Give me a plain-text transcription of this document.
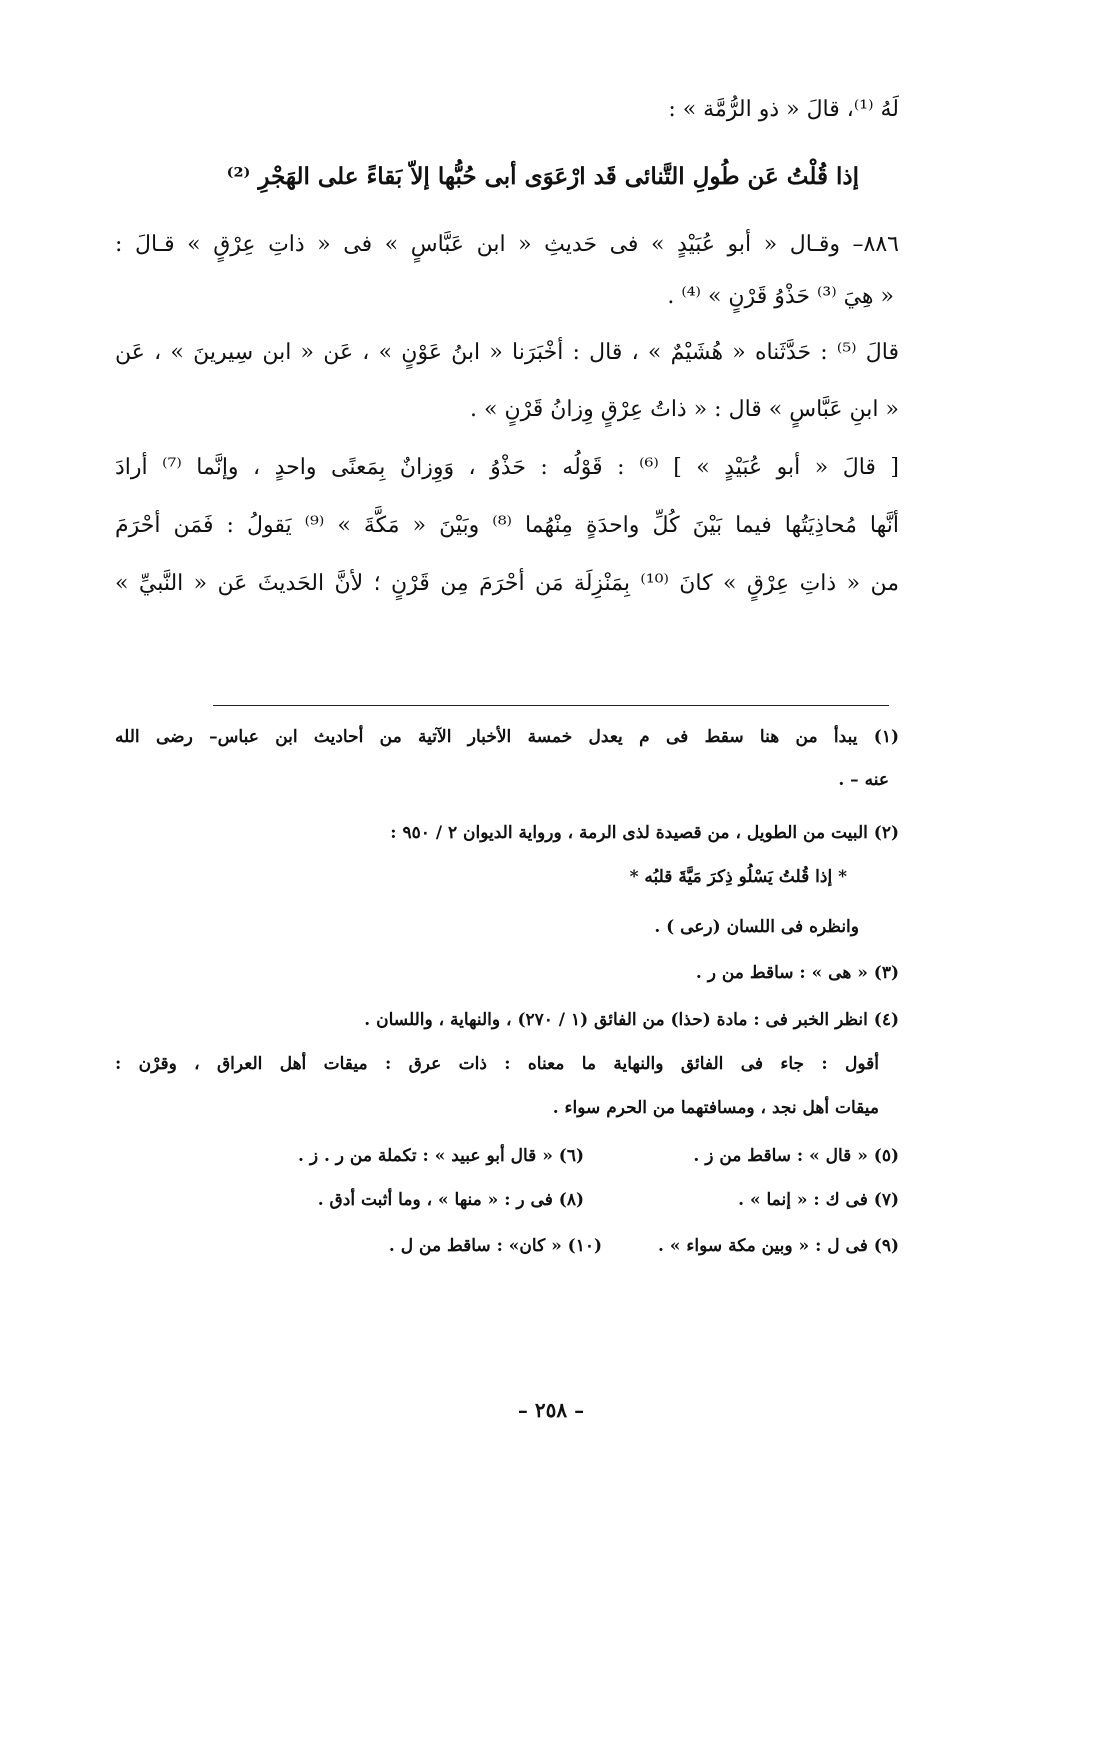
لَهُ ⁽¹⁾، قالَ « ذو الرُّمَّة » :
إذا قُلْتُ عَن طُولِ التَّنائى قَد ارْعَوَى أبى حُبُّها إلاّ بَقاءً على الهَجْرِ ⁽²⁾
٨٨٦– وقـال « أبو عُبَيْدٍ » فى حَديثِ « ابن عَبَّاسٍ » فى « ذاتِ عِرْقٍ » قـالَ :
« هِيَ ⁽³⁾ حَذْوُ قَرْنٍ » ⁽⁴⁾ .
قالَ ⁽⁵⁾ : حَدَّثَناه « هُشَيْمٌ » ، قال : أخْبَرَنا « ابنُ عَوْنٍ » ، عَن « ابن سِيرينَ » ، عَن
« ابنِ عَبَّاسٍ » قال : « ذاتُ عِرْقٍ وِزانُ قَرْنٍ » .
[ قالَ « أبو عُبَيْدٍ » ] ⁽⁶⁾ : قَوْلُه : حَذْوُ ، وَوِزانٌ بِمَعنًى واحدٍ ، وإنَّما ⁽⁷⁾ أرادَ
أنَّها مُحاذِيَتُها فيما بَيْنَ كُلِّ واحدَةٍ مِنْهُما ⁽⁸⁾ وبَيْنَ « مَكَّةَ » ⁽⁹⁾ يَقولُ : فَمَن أحْرَمَ
من « ذاتِ عِرْقٍ » كانَ ⁽¹⁰⁾ بِمَنْزِلَة مَن أحْرَمَ مِن قَرْنٍ ؛ لأنَّ الحَديثَ عَن « النَّبيِّ »
(١) يبدأ من هنا سقط فى م يعدل خمسة الأخبار الآتية من أحاديث ابن عباس– رضى الله
عنه – .
(٢) البيت من الطويل ، من قصيدة لذى الرمة ، ورواية الديوان ٢ / ٩٥٠ :
* إذا قُلتُ يَسْلُو ذِكرَ مَيَّةَ قلبُه *
وانظره فى اللسان (رعى ) .
(٣) « هى » : ساقط من ر .
(٤) انظر الخبر فى : مادة (حذا) من الفائق (١ / ٢٧٠) ، والنهاية ، واللسان .
أقول : جاء فى الفائق والنهاية ما معناه : ذات عرق : ميقات أهل العراق ، وقرْن :
ميقات أهل نجد ، ومسافتهما من الحرم سواء .
(٥) « قال » : ساقط من ز .
(٦) « قال أبو عبيد » : تكملة من ر . ز .
(٧) فى ك : « إنما » .
(٨) فى ر : « منها » ، وما أثبت أدق .
(٩) فى ل : « وبين مكة سواء » .
(١٠) « كان» : ساقط من ل .
– ٢٥٨ –
